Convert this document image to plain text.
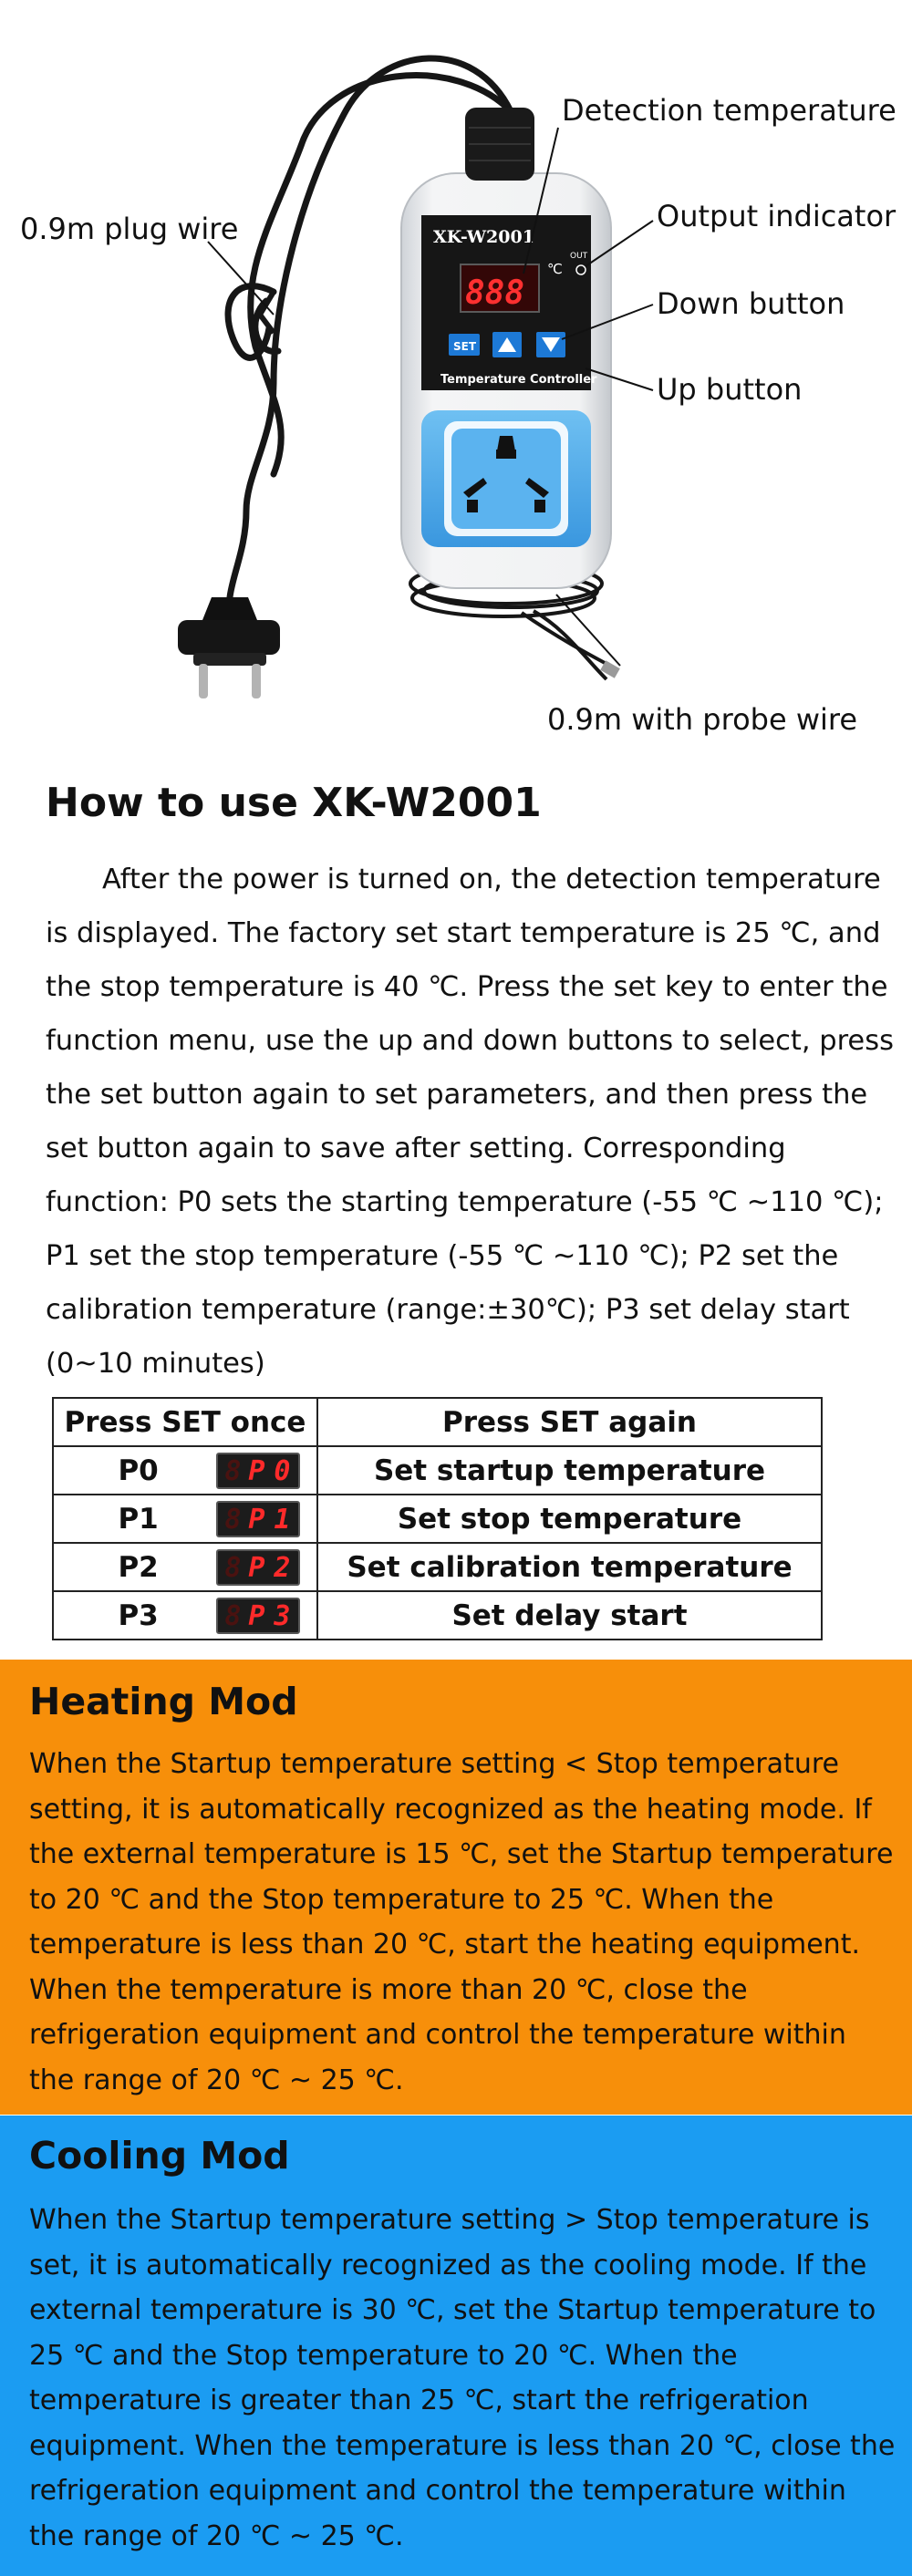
XK-W2001
888
℃
OUT
SET
Temperature Controller
0.9m plug wire
Detection temperature
Output indicator
Down button
Up button
0.9m with probe wire
How to use XK-W2001

After the power is turned on, the detection temperature is displayed. The factory set start temperature is 25 ℃, and the stop temperature is 40 ℃. Press the set key to enter the function menu, use the up and down buttons to select, press the set button again to set parameters, and then press the set button again to save after setting. Corresponding function: P0 sets the starting temperature (-55 ℃ ~110 ℃); P1 set the stop temperature (-55 ℃ ~110 ℃); P2 set the calibration temperature (range:±30℃); P3 set delay start (0~10 minutes)

Press SET once	Press SET again
P0 8 P 0	Set startup temperature
P1 8 P 1	Set stop temperature
P2 8 P 2	Set calibration temperature
P3 8 P 3	Set delay start
Heating Mod

When the Startup temperature setting < Stop temperature setting, it is automatically recognized as the heating mode. If the external temperature is 15 ℃, set the Startup temperature to 20 ℃ and the Stop temperature to 25 ℃. When the temperature is less than 20 ℃, start the heating equipment. When the temperature is more than 20 ℃, close the refrigeration equipment and control the temperature within the range of 20 ℃ ~ 25 ℃.

Cooling Mod

When the Startup temperature setting > Stop temperature is set, it is automatically recognized as the cooling mode. If the external temperature is 30 ℃, set the Startup temperature to 25 ℃ and the Stop temperature to 20 ℃. When the temperature is greater than 25 ℃, start the refrigeration equipment. When the temperature is less than 20 ℃, close the refrigeration equipment and control the temperature within the range of 20 ℃ ~ 25 ℃.
